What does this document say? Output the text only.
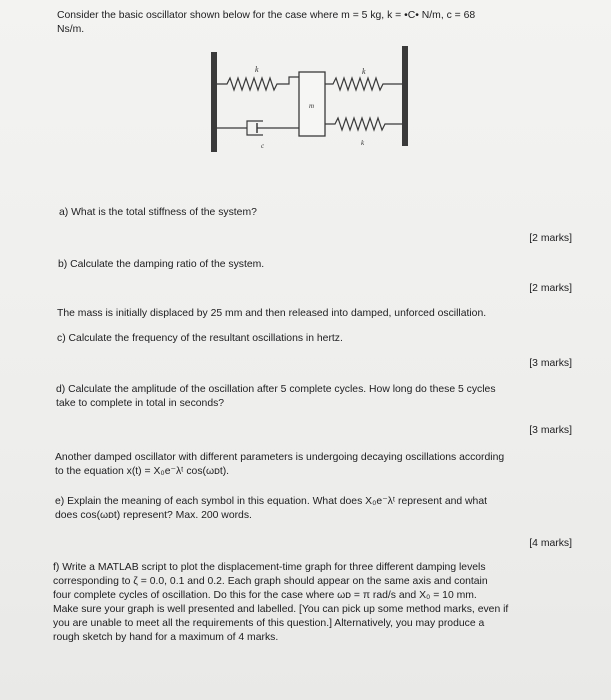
Consider the basic oscillator shown below for the case where m = 5 kg, k = •C• N/m, c = 68
Ns/m.
k	k
m
c	k
a) What is the total stiffness of the system?
[2 marks]
b) Calculate the damping ratio of the system.
[2 marks]
The mass is initially displaced by 25 mm and then released into damped, unforced oscillation.
c) Calculate the frequency of the resultant oscillations in hertz.
[3 marks]
d) Calculate the amplitude of the oscillation after 5 complete cycles. How long do these 5 cycles
take to complete in total in seconds?
[3 marks]
Another damped oscillator with different parameters is undergoing decaying oscillations according
to the equation x(t) = X₀e⁻λᵗ cos(ωᴅt).
e) Explain the meaning of each symbol in this equation. What does X₀e⁻λᵗ represent and what
does cos(ωᴅt) represent? Max. 200 words.
[4 marks]
f) Write a MATLAB script to plot the displacement-time graph for three different damping levels
corresponding to ζ = 0.0, 0.1 and 0.2. Each graph should appear on the same axis and contain
four complete cycles of oscillation. Do this for the case where ωᴅ = π rad/s and X₀ = 10 mm.
Make sure your graph is well presented and labelled. [You can pick up some method marks, even if
you are unable to meet all the requirements of this question.] Alternatively, you may produce a
rough sketch by hand for a maximum of 4 marks.
